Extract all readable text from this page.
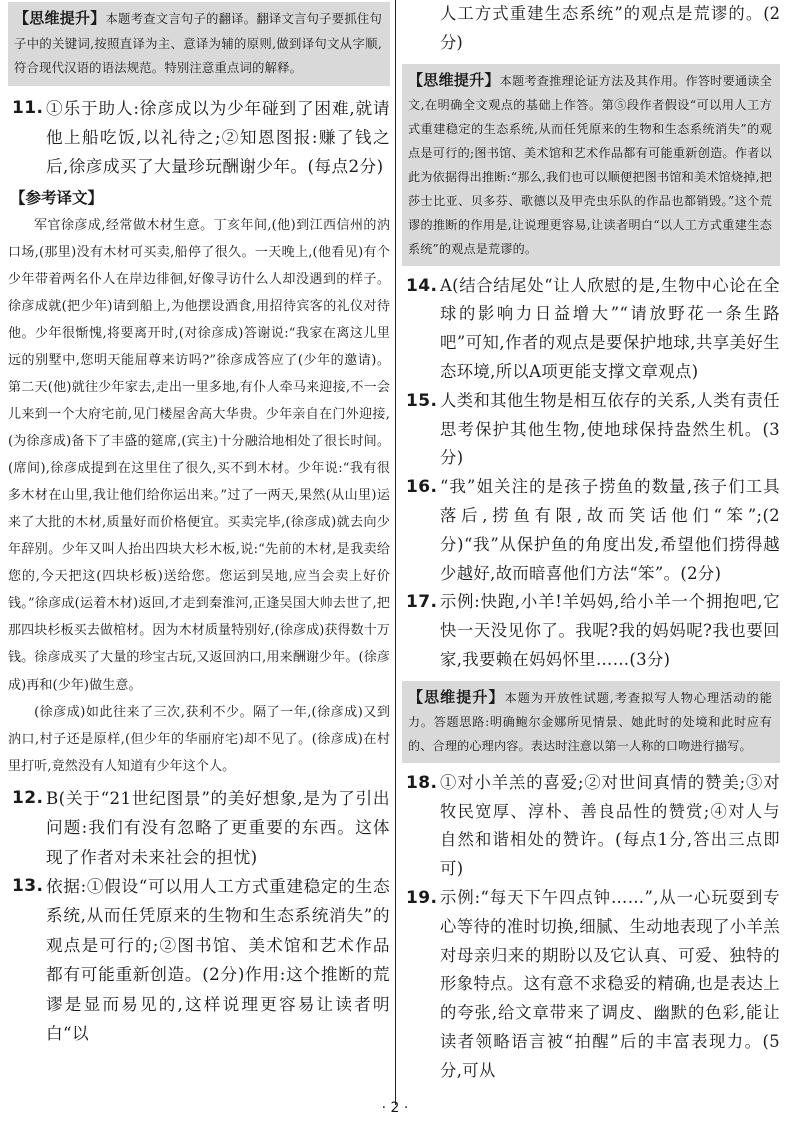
【思维提升】本题考查文言句子的翻译。翻译文言句子要抓住句子中的关键词,按照直译为主、意译为辅的原则,做到译句文从字顺,符合现代汉语的语法规范。特别注意重点词的解释。
11. ①乐于助人:徐彦成以为少年碰到了困难,就请他上船吃饭,以礼待之;②知恩图报:赚了钱之后,徐彦成买了大量珍玩酬谢少年。(每点2分)
【参考译文】
军官徐彦成,经常做木材生意。丁亥年间,(他)到江西信州的汭口场,(那里)没有木材可买卖,船停了很久。一天晚上,(他看见)有个少年带着两名仆人在岸边徘徊,好像寻访什么人却没遇到的样子。徐彦成就(把少年)请到船上,为他摆设酒食,用招待宾客的礼仪对待他。少年很惭愧,将要离开时,(对徐彦成)答谢说:“我家在离这儿里远的别墅中,您明天能屈尊来访吗?”徐彦成答应了(少年的邀请)。第二天(他)就往少年家去,走出一里多地,有仆人牵马来迎接,不一会儿来到一个大府宅前,见门楼屋舍高大华贵。少年亲自在门外迎接,(为徐彦成)备下了丰盛的筵席,(宾主)十分融洽地相处了很长时间。(席间),徐彦成提到在这里住了很久,买不到木材。少年说:“我有很多木材在山里,我让他们给你运出来。”过了一两天,果然(从山里)运来了大批的木材,质量好而价格便宜。买卖完毕,(徐彦成)就去向少年辞别。少年又叫人抬出四块大杉木板,说:“先前的木材,是我卖给您的,今天把这(四块杉板)送给您。您运到吴地,应当会卖上好价钱。”徐彦成(运着木材)返回,才走到秦淮河,正逢吴国大帅去世了,把那四块杉板买去做棺材。因为木材质量特别好,(徐彦成)获得数十万钱。徐彦成买了大量的珍宝古玩,又返回汭口,用来酬谢少年。(徐彦成)再和(少年)做生意。
(徐彦成)如此往来了三次,获利不少。隔了一年,(徐彦成)又到汭口,村子还是原样,(但少年的华丽府宅)却不见了。(徐彦成)在村里打听,竟然没有人知道有少年这个人。
12. B(关于“21世纪图景”的美好想象,是为了引出问题:我们有没有忽略了更重要的东西。这体现了作者对未来社会的担忧)
13. 依据:①假设“可以用人工方式重建稳定的生态系统,从而任凭原来的生物和生态系统消失”的观点是可行的;②图书馆、美术馆和艺术作品都有可能重新创造。(2分)作用:这个推断的荒谬是显而易见的,这样说理更容易让读者明白“以
人工方式重建生态系统”的观点是荒谬的。(2分)
【思维提升】本题考查推理论证方法及其作用。作答时要通读全文,在明确全文观点的基础上作答。第⑤段作者假设“可以用人工方式重建稳定的生态系统,从而任凭原来的生物和生态系统消失”的观点是可行的;图书馆、美术馆和艺术作品都有可能重新创造。作者以此为依据得出推断:“那么,我们也可以顺便把图书馆和美术馆烧掉,把莎士比亚、贝多芬、歌德以及甲壳虫乐队的作品也都销毁。”这个荒谬的推断的作用是,让说理更容易,让读者明白“以人工方式重建生态系统”的观点是荒谬的。
14. A(结合结尾处“让人欣慰的是,生物中心论在全球的影响力日益增大”“请放野花一条生路吧”可知,作者的观点是要保护地球,共享美好生态环境,所以A项更能支撑文章观点)
15. 人类和其他生物是相互依存的关系,人类有责任思考保护其他生物,使地球保持盎然生机。(3分)
16. “我”姐关注的是孩子捞鱼的数量,孩子们工具落后,捞鱼有限,故而笑话他们“笨”;(2分)“我”从保护鱼的角度出发,希望他们捞得越少越好,故而暗喜他们方法“笨”。(2分)
17. 示例:快跑,小羊!羊妈妈,给小羊一个拥抱吧,它快一天没见你了。我呢?我的妈妈呢?我也要回家,我要赖在妈妈怀里……(3分)
【思维提升】本题为开放性试题,考查拟写人物心理活动的能力。答题思路:明确鲍尔金娜所见情景、她此时的处境和此时应有的、合理的心理内容。表达时注意以第一人称的口吻进行描写。
18. ①对小羊羔的喜爱;②对世间真情的赞美;③对牧民宽厚、淳朴、善良品性的赞赏;④对人与自然和谐相处的赞许。(每点1分,答出三点即可)
19. 示例:“每天下午四点钟……”,从一心玩耍到专心等待的准时切换,细腻、生动地表现了小羊羔对母亲归来的期盼以及它认真、可爱、独特的形象特点。这有意不求稳妥的精确,也是表达上的夸张,给文章带来了调皮、幽默的色彩,能让读者领略语言被“拍醒”后的丰富表现力。(5分,可从
· 2 ·
